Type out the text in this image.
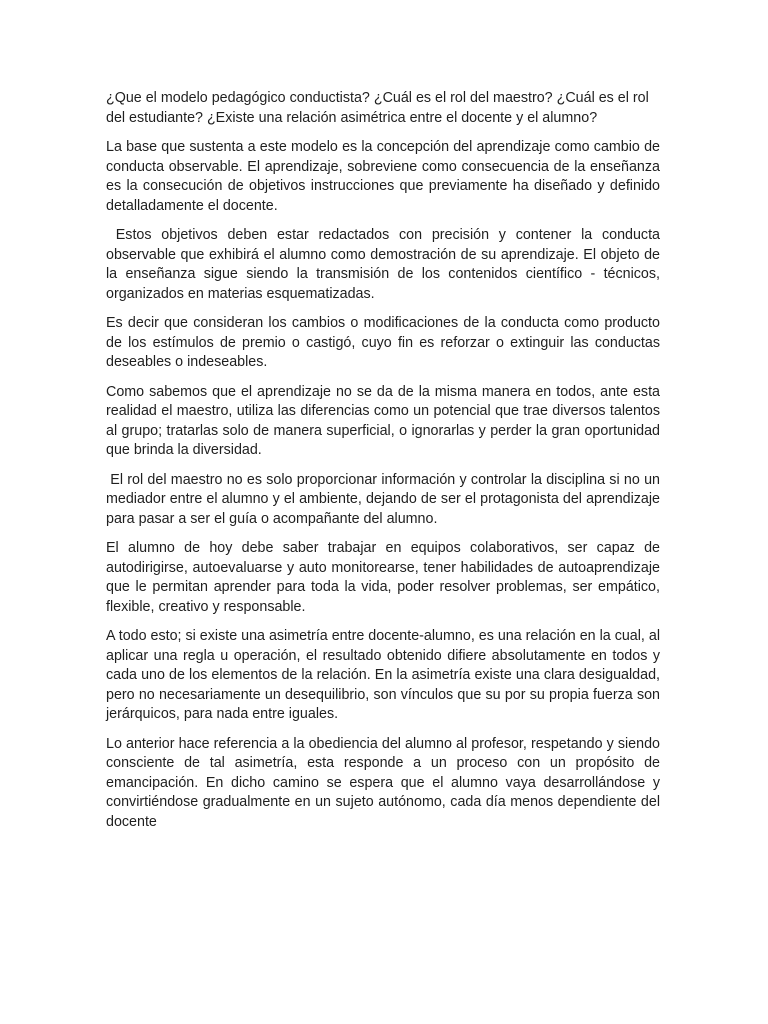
¿Que el modelo pedagógico conductista? ¿Cuál es el rol del maestro? ¿Cuál es el rol del estudiante? ¿Existe una relación asimétrica entre el docente y el alumno?

La base que sustenta a este modelo es la concepción del aprendizaje como cambio de conducta observable. El aprendizaje, sobreviene como consecuencia de la enseñanza es la consecución de objetivos instrucciones que previamente ha diseñado y definido detalladamente el docente.

Estos objetivos deben estar redactados con precisión y contener la conducta observable que exhibirá el alumno como demostración de su aprendizaje. El objeto de la enseñanza sigue siendo la transmisión de los contenidos científico - técnicos, organizados en materias esquematizadas.

Es decir que consideran los cambios o modificaciones de la conducta como producto de los estímulos de premio o castigó, cuyo fin es reforzar o extinguir las conductas deseables o indeseables.

Como sabemos que el aprendizaje no se da de la misma manera en todos, ante esta realidad el maestro, utiliza las diferencias como un potencial que trae diversos talentos al grupo; tratarlas solo de manera superficial, o ignorarlas y perder la gran oportunidad que brinda la diversidad.

El rol del maestro no es solo proporcionar información y controlar la disciplina si no un mediador entre el alumno y el ambiente, dejando de ser el protagonista del aprendizaje para pasar a ser el guía o acompañante del alumno.

El alumno de hoy debe saber trabajar en equipos colaborativos, ser capaz de autodirigirse, autoevaluarse y auto monitorearse, tener habilidades de autoaprendizaje que le permitan aprender para toda la vida, poder resolver problemas, ser empático, flexible, creativo y responsable.

A todo esto; si existe una asimetría entre docente-alumno, es una relación en la cual, al aplicar una regla u operación, el resultado obtenido difiere absolutamente en todos y cada uno de los elementos de la relación. En la asimetría existe una clara desigualdad, pero no necesariamente un desequilibrio, son vínculos que su por su propia fuerza son jerárquicos, para nada entre iguales.

Lo anterior hace referencia a la obediencia del alumno al profesor, respetando y siendo consciente de tal asimetría, esta responde a un proceso con un propósito de emancipación. En dicho camino se espera que el alumno vaya desarrollándose y convirtiéndose gradualmente en un sujeto autónomo, cada día menos dependiente del docente
